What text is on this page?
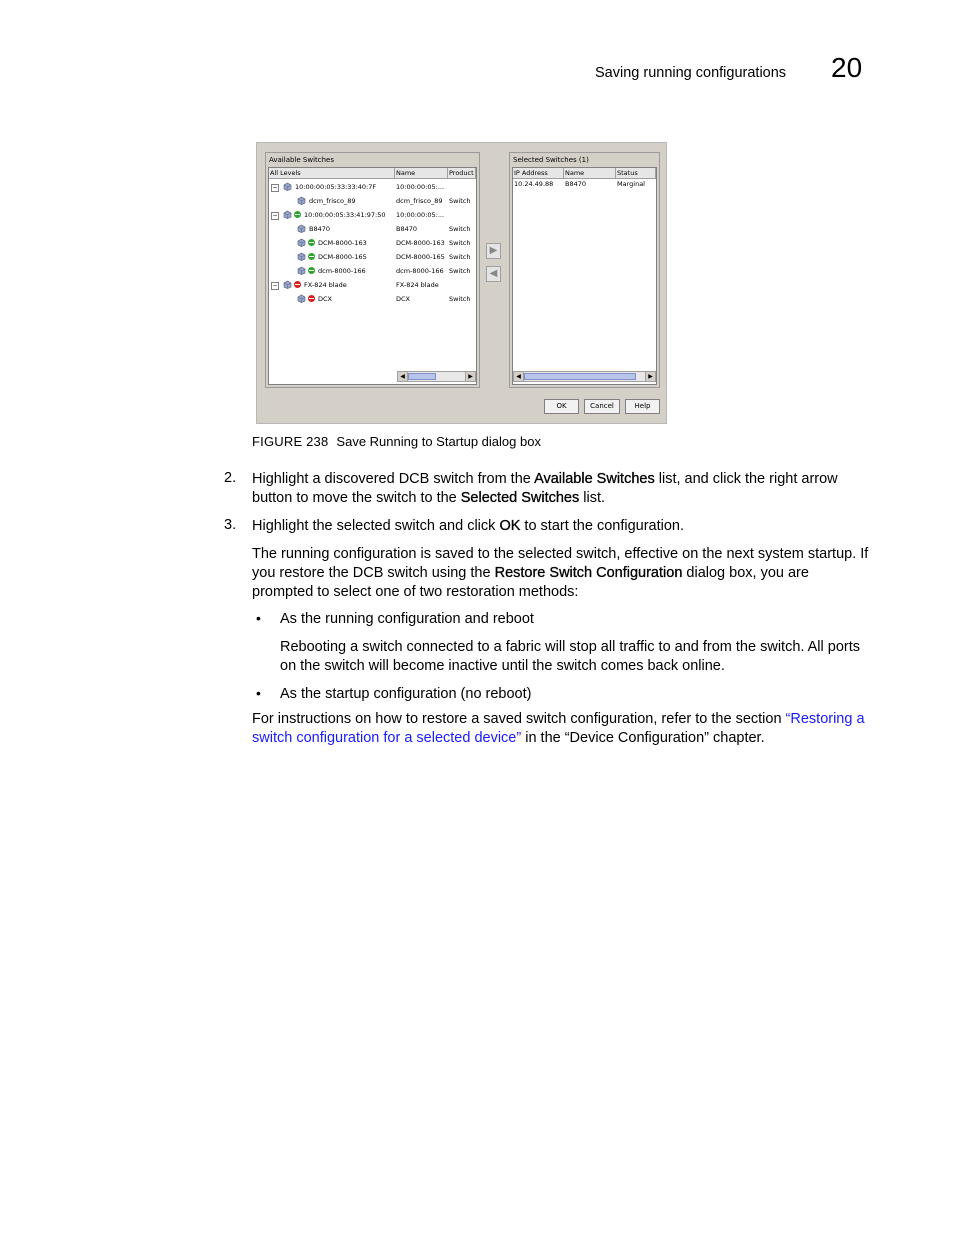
Saving running configurations 20
Available Switches
All Levels	Name	Product
−	10:00:00:05:33:33:40:7F	10:00:00:05:...
dcm_frisco_89	dcm_frisco_89 Switch
−	10:00:00:05:33:41:97:50	10:00:00:05:...
B8470	B8470	Switch
DCM-8000-163	DCM-8000-163 Switch
DCM-8000-165	DCM-8000-165 Switch
dcm-8000-166	dcm-8000-166 Switch
−	FX-824 blade	FX-824 blade
DCX	DCX	Switch
◀	▶
▶
◀
Selected Switches (1)
IP Address	Name	Status
10.24.49.88	B8470	Marginal
◀	▶
OK	Cancel	Help
FIGURE 238 Save Running to Startup dialog box
2. Highlight a discovered DCB switch from the Available Switches list, and click the right arrow button to move the switch to the Selected Switches list.
3. Highlight the selected switch and click OK to start the configuration.
The running configuration is saved to the selected switch, effective on the next system startup. If you restore the DCB switch using the Restore Switch Configuration dialog box, you are prompted to select one of two restoration methods:
• As the running configuration and reboot
Rebooting a switch connected to a fabric will stop all traffic to and from the switch. All ports on the switch will become inactive until the switch comes back online.
• As the startup configuration (no reboot)
For instructions on how to restore a saved switch configuration, refer to the section “Restoring a switch configuration for a selected device” in the “Device Configuration” chapter.
